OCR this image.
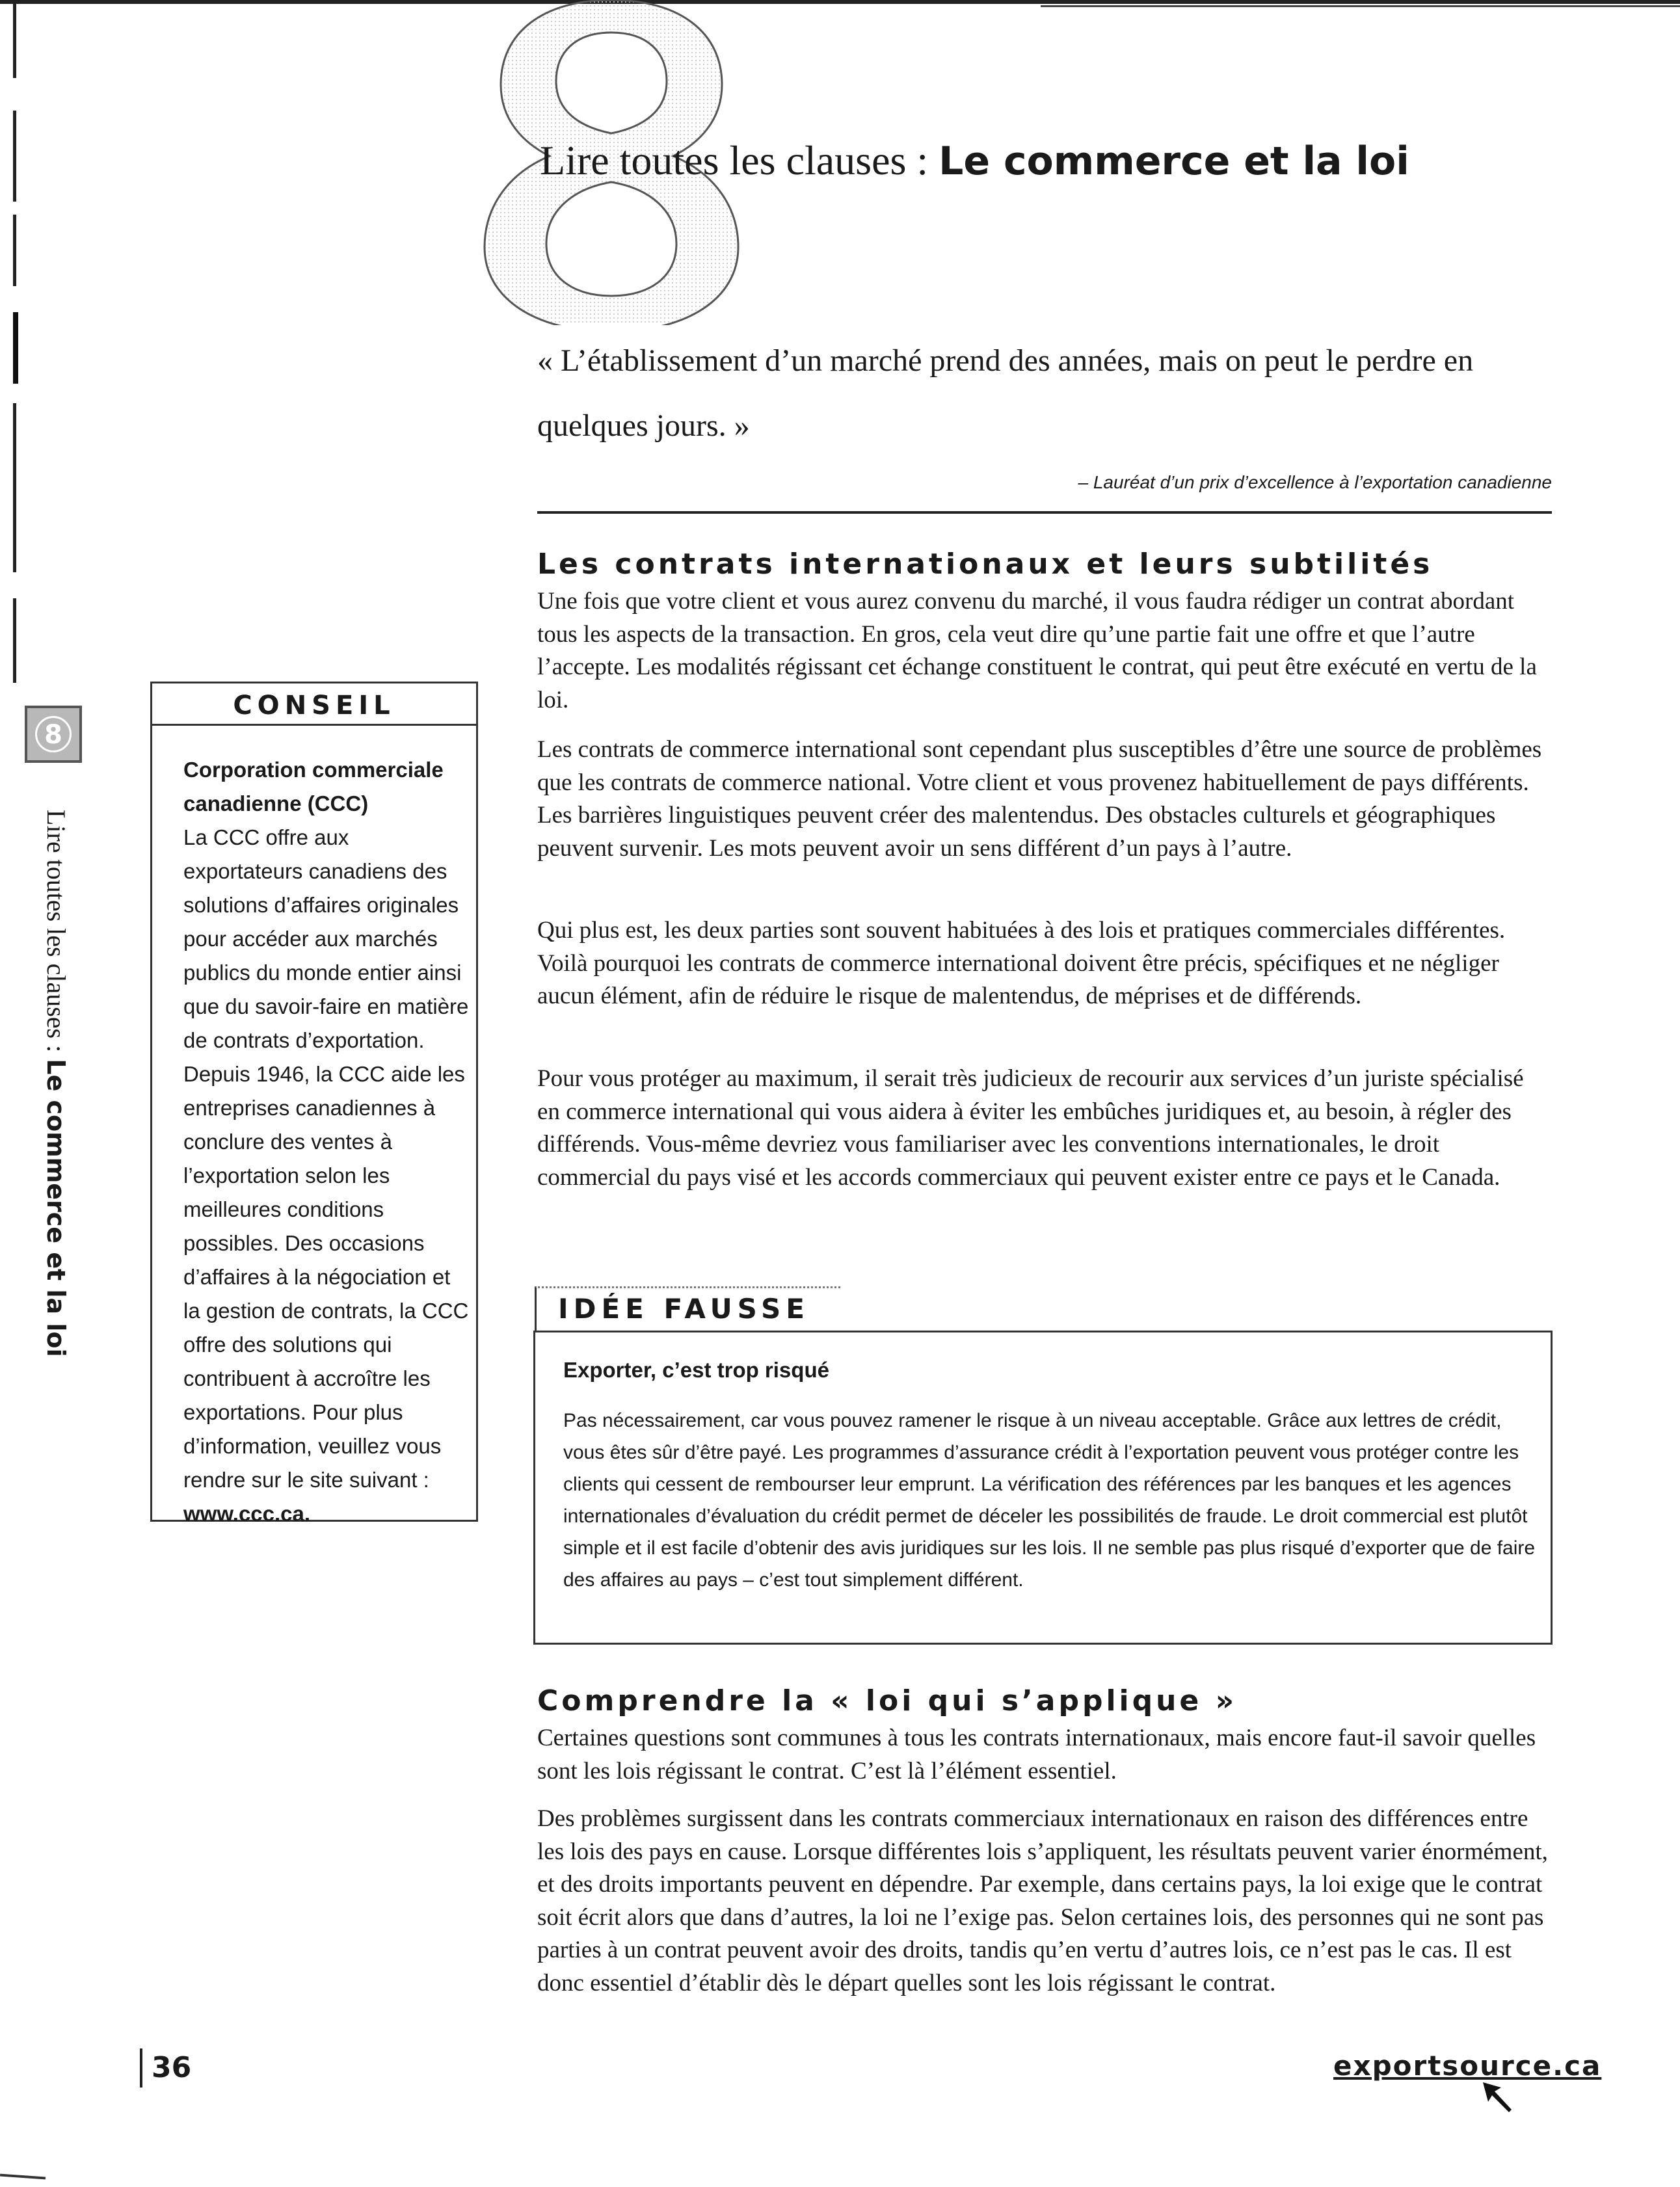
Lire toutes les clauses : Le commerce et la loi
« L’établissement d’un marché prend des années, mais on peut le perdre en quelques jours. »
– Lauréat d’un prix d’excellence à l’exportation canadienne
8
Lire toutes les clauses : Le commerce et la loi
CONSEIL
Corporation commerciale canadienne (CCC)
La CCC offre aux exportateurs canadiens des solutions d’affaires originales pour accéder aux marchés publics du monde entier ainsi que du savoir-faire en matière de contrats d’exportation. Depuis 1946, la CCC aide les entreprises canadiennes à conclure des ventes à l’exportation selon les meilleures conditions possibles. Des occasions d’affaires à la négociation et la gestion de contrats, la CCC offre des solutions qui contribuent à accroître les exportations. Pour plus d’information, veuillez vous rendre sur le site suivant : www.ccc.ca.
Les contrats internationaux et leurs subtilités

Une fois que votre client et vous aurez convenu du marché, il vous faudra rédiger un contrat abordant tous les aspects de la transaction. En gros, cela veut dire qu’une partie fait une offre et que l’autre l’accepte. Les modalités régissant cet échange constituent le contrat, qui peut être exécuté en vertu de la loi.

Les contrats de commerce international sont cependant plus susceptibles d’être une source de problèmes que les contrats de commerce national. Votre client et vous provenez habituellement de pays différents. Les barrières linguistiques peuvent créer des malentendus. Des obstacles culturels et géographiques peuvent survenir. Les mots peuvent avoir un sens différent d’un pays à l’autre.

Qui plus est, les deux parties sont souvent habituées à des lois et pratiques commerciales différentes. Voilà pourquoi les contrats de commerce international doivent être précis, spécifiques et ne négliger aucun élément, afin de réduire le risque de malentendus, de méprises et de différends.

Pour vous protéger au maximum, il serait très judicieux de recourir aux services d’un juriste spécialisé en commerce international qui vous aidera à éviter les embûches juridiques et, au besoin, à régler des différends. Vous-même devriez vous familiariser avec les conventions internationales, le droit commercial du pays visé et les accords commerciaux qui peuvent exister entre ce pays et le Canada.

IDÉE FAUSSE
Exporter, c’est trop risqué
Pas nécessairement, car vous pouvez ramener le risque à un niveau acceptable. Grâce aux lettres de crédit, vous êtes sûr d’être payé. Les programmes d’assurance crédit à l’exportation peuvent vous protéger contre les clients qui cessent de rembourser leur emprunt. La vérification des références par les banques et les agences internationales d’évaluation du crédit permet de déceler les possibilités de fraude. Le droit commercial est plutôt simple et il est facile d’obtenir des avis juridiques sur les lois. Il ne semble pas plus risqué d’exporter que de faire des affaires au pays – c’est tout simplement différent.
Comprendre la « loi qui s’applique »

Certaines questions sont communes à tous les contrats internationaux, mais encore faut-il savoir quelles sont les lois régissant le contrat. C’est là l’élément essentiel.

Des problèmes surgissent dans les contrats commerciaux internationaux en raison des différences entre les lois des pays en cause. Lorsque différentes lois s’appliquent, les résultats peuvent varier énormément, et des droits importants peuvent en dépendre. Par exemple, dans certains pays, la loi exige que le contrat soit écrit alors que dans d’autres, la loi ne l’exige pas. Selon certaines lois, des personnes qui ne sont pas parties à un contrat peuvent avoir des droits, tandis qu’en vertu d’autres lois, ce n’est pas le cas. Il est donc essentiel d’établir dès le départ quelles sont les lois régissant le contrat.

36	exportsource.ca
